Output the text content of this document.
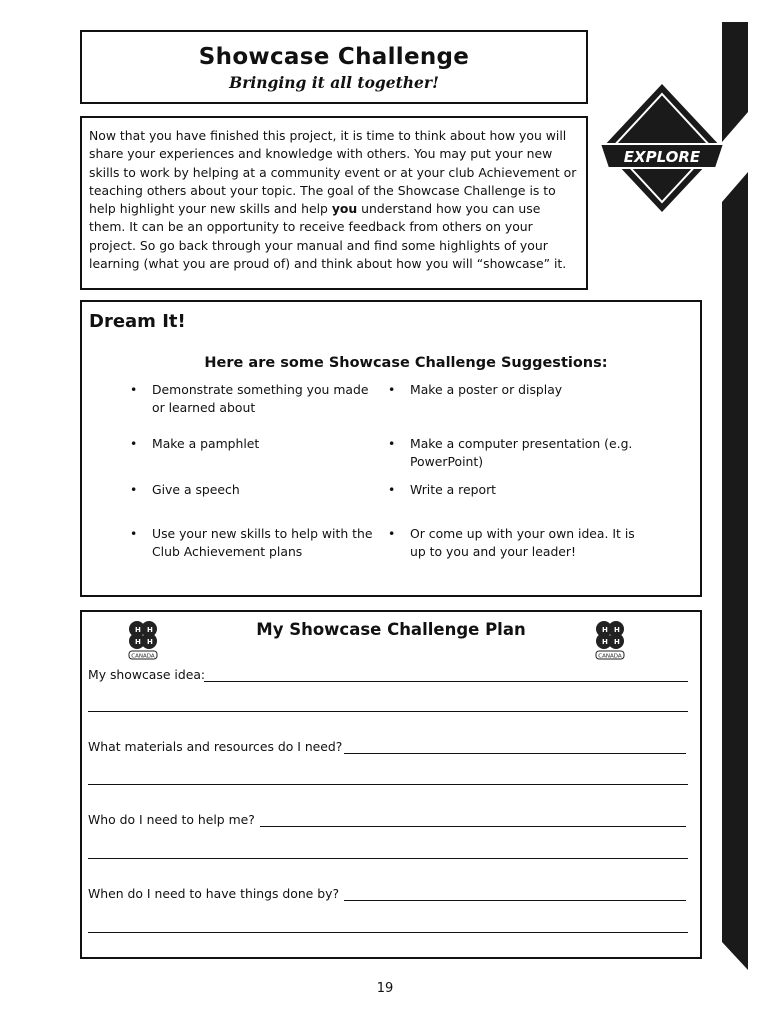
Showcase Challenge
Bringing it all together!

Now that you have finished this project, it is time to think about how you will share your experiences and knowledge with others. You may put your new skills to work by helping at a community event or at your club Achievement or teaching others about your topic. The goal of the Showcase Challenge is to help highlight your new skills and help you understand how you can use them. It can be an opportunity to receive feedback from others on your project. So go back through your manual and find some highlights of your learning (what you are proud of) and think about how you will “showcase” it.

EXPLORE
Dream It!
Here are some Showcase Challenge Suggestions:
• Demonstrate something you made or learned about
• Make a poster or display
• Make a pamphlet	• Make a computer presentation (e.g. PowerPoint)
• Give a speech	• Write a report
• Use your new skills to help with the Club Achievement plans
• Or come up with your own idea. It is up to you and your leader!
H H
H H
CANADA
My Showcase Challenge Plan	H H
H H
CANADA
My showcase idea:
What materials and resources do I need?
Who do I need to help me?
When do I need to have things done by?
19
